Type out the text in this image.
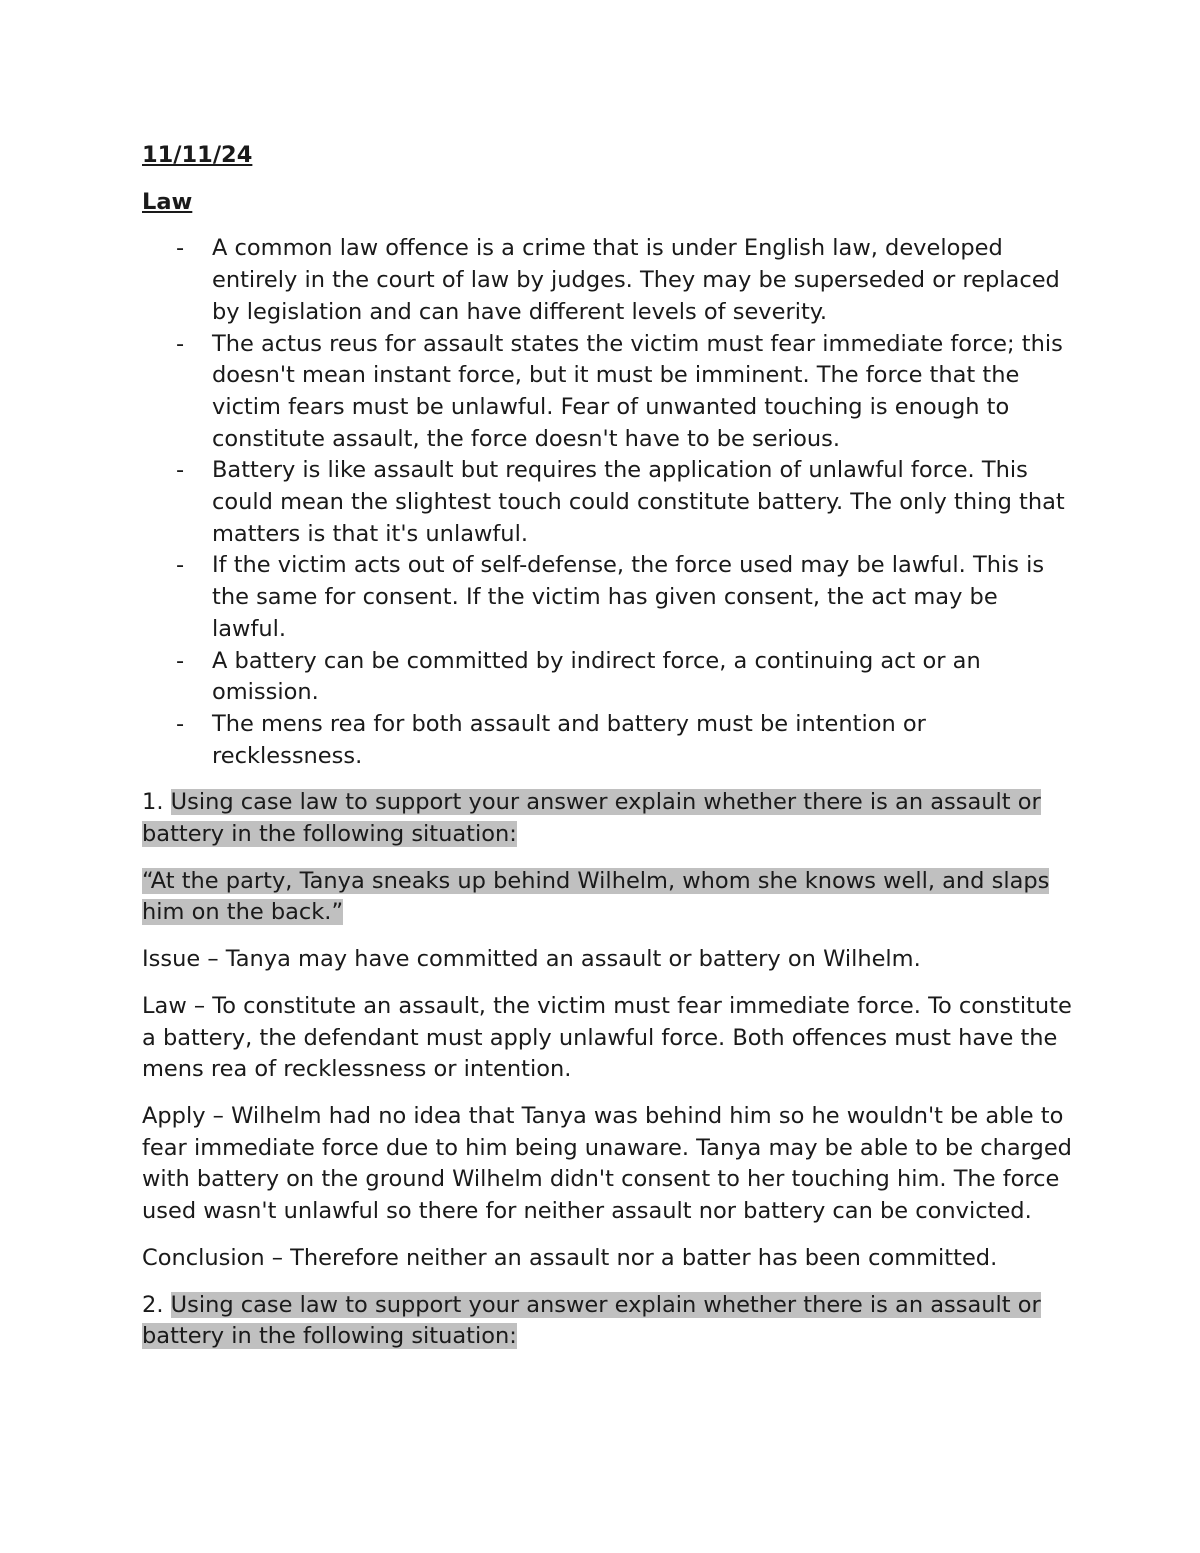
11/11/24

Law

- A common law offence is a crime that is under English law, developed entirely in the court of law by judges. They may be superseded or replaced by legislation and can have different levels of severity.
- The actus reus for assault states the victim must fear immediate force; this doesn't mean instant force, but it must be imminent. The force that the victim fears must be unlawful. Fear of unwanted touching is enough to constitute assault, the force doesn't have to be serious.
- Battery is like assault but requires the application of unlawful force. This could mean the slightest touch could constitute battery. The only thing that matters is that it's unlawful.
- If the victim acts out of self-defense, the force used may be lawful. This is the same for consent. If the victim has given consent, the act may be lawful.
- A battery can be committed by indirect force, a continuing act or an omission.
- The mens rea for both assault and battery must be intention or recklessness.

1. Using case law to support your answer explain whether there is an assault or battery in the following situation:

“At the party, Tanya sneaks up behind Wilhelm, whom she knows well, and slaps him on the back.”

Issue – Tanya may have committed an assault or battery on Wilhelm.

Law – To constitute an assault, the victim must fear immediate force. To constitute a battery, the defendant must apply unlawful force. Both offences must have the mens rea of recklessness or intention.

Apply – Wilhelm had no idea that Tanya was behind him so he wouldn't be able to fear immediate force due to him being unaware. Tanya may be able to be charged with battery on the ground Wilhelm didn't consent to her touching him. The force used wasn't unlawful so there for neither assault nor battery can be convicted.

Conclusion – Therefore neither an assault nor a batter has been committed.

2. Using case law to support your answer explain whether there is an assault or battery in the following situation:
